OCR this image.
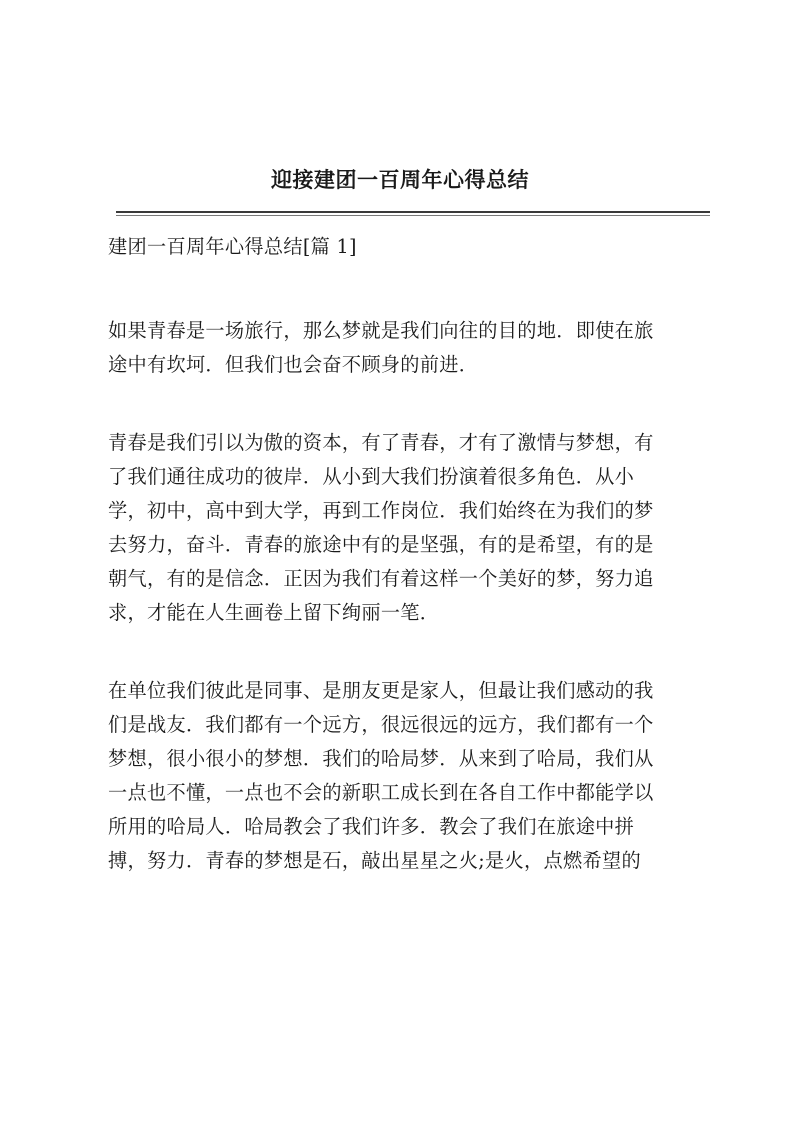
迎接建团一百周年心得总结

建团一百周年心得总结[篇 1]

如果青春是一场旅行，那么梦就是我们向往的目的地．即使在旅
途中有坎坷．但我们也会奋不顾身的前进．

青春是我们引以为傲的资本，有了青春，才有了激情与梦想，有
了我们通往成功的彼岸．从小到大我们扮演着很多角色．从小
学，初中，高中到大学，再到工作岗位．我们始终在为我们的梦
去努力，奋斗．青春的旅途中有的是坚强，有的是希望，有的是
朝气，有的是信念．正因为我们有着这样一个美好的梦，努力追
求，才能在人生画卷上留下绚丽一笔．

在单位我们彼此是同事、是朋友更是家人，但最让我们感动的我
们是战友．我们都有一个远方，很远很远的远方，我们都有一个
梦想，很小很小的梦想．我们的哈局梦．从来到了哈局，我们从
一点也不懂，一点也不会的新职工成长到在各自工作中都能学以
所用的哈局人．哈局教会了我们许多．教会了我们在旅途中拼
搏，努力．青春的梦想是石，敲出星星之火;是火，点燃希望的
